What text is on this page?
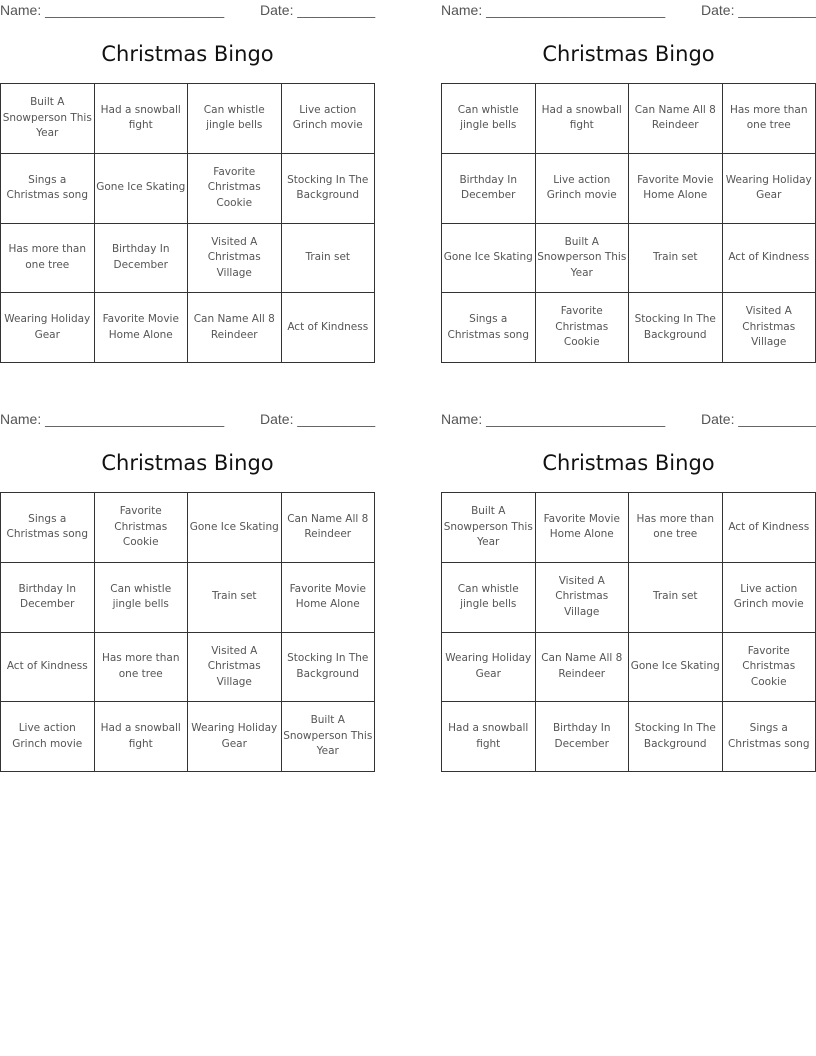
Name: _______________________	Date: __________
Christmas Bingo
Built A Snowperson This Year	Had a snowball fight	Can whistle jingle bells	Live action Grinch movie
Sings a Christmas song	Gone Ice Skating	Favorite Christmas Cookie	Stocking In The Background
Has more than one tree	Birthday In December	Visited A Christmas Village	Train set
Wearing Holiday Gear	Favorite Movie Home Alone	Can Name All 8 Reindeer	Act of Kindness
Name: _______________________	Date: __________
Christmas Bingo
Can whistle jingle bells	Had a snowball fight	Can Name All 8 Reindeer	Has more than one tree
Birthday In December	Live action Grinch movie	Favorite Movie Home Alone	Wearing Holiday Gear
Gone Ice Skating	Built A Snowperson This Year	Train set	Act of Kindness
Sings a Christmas song	Favorite Christmas Cookie	Stocking In The Background	Visited A Christmas Village
Name: _______________________	Date: __________
Christmas Bingo
Sings a Christmas song	Favorite Christmas Cookie	Gone Ice Skating	Can Name All 8 Reindeer
Birthday In December	Can whistle jingle bells	Train set	Favorite Movie Home Alone
Act of Kindness	Has more than one tree	Visited A Christmas Village	Stocking In The Background
Live action Grinch movie	Had a snowball fight	Wearing Holiday Gear	Built A Snowperson This Year
Name: _______________________	Date: __________
Christmas Bingo
Built A Snowperson This Year	Favorite Movie Home Alone	Has more than one tree	Act of Kindness
Can whistle jingle bells	Visited A Christmas Village	Train set	Live action Grinch movie
Wearing Holiday Gear	Can Name All 8 Reindeer	Gone Ice Skating	Favorite Christmas Cookie
Had a snowball fight	Birthday In December	Stocking In The Background	Sings a Christmas song
